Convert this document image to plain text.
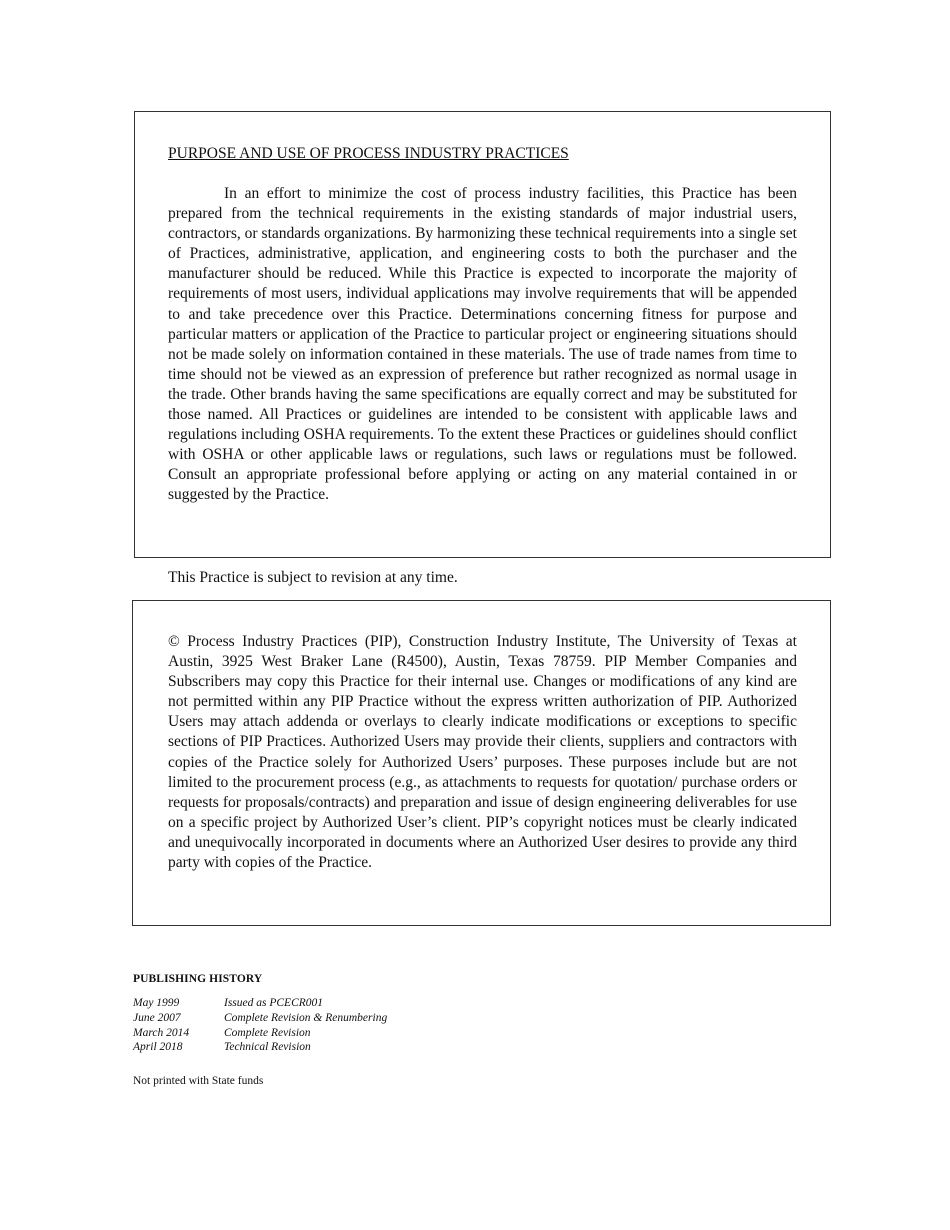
PURPOSE AND USE OF PROCESS INDUSTRY PRACTICES

In an effort to minimize the cost of process industry facilities, this Practice has been prepared from the technical requirements in the existing standards of major industrial users, contractors, or standards organizations. By harmonizing these technical requirements into a single set of Practices, administrative, application, and engineering costs to both the purchaser and the manufacturer should be reduced. While this Practice is expected to incorporate the majority of requirements of most users, individual applications may involve requirements that will be appended to and take precedence over this Practice. Determinations concerning fitness for purpose and particular matters or application of the Practice to particular project or engineering situations should not be made solely on information contained in these materials. The use of trade names from time to time should not be viewed as an expression of preference but rather recognized as normal usage in the trade. Other brands having the same specifications are equally correct and may be substituted for those named. All Practices or guidelines are intended to be consistent with applicable laws and regulations including OSHA requirements. To the extent these Practices or guidelines should conflict with OSHA or other applicable laws or regulations, such laws or regulations must be followed. Consult an appropriate professional before applying or acting on any material contained in or suggested by the Practice.

This Practice is subject to revision at any time.

© Process Industry Practices (PIP), Construction Industry Institute, The University of Texas at Austin, 3925 West Braker Lane (R4500), Austin, Texas 78759. PIP Member Companies and Subscribers may copy this Practice for their internal use. Changes or modifications of any kind are not permitted within any PIP Practice without the express written authorization of PIP. Authorized Users may attach addenda or overlays to clearly indicate modifications or exceptions to specific sections of PIP Practices. Authorized Users may provide their clients, suppliers and contractors with copies of the Practice solely for Authorized Users’ purposes. These purposes include but are not limited to the procurement process (e.g., as attachments to requests for quotation/ purchase orders or requests for proposals/contracts) and preparation and issue of design engineering deliverables for use on a specific project by Authorized User’s client. PIP’s copyright notices must be clearly indicated and unequivocally incorporated in documents where an Authorized User desires to provide any third party with copies of the Practice.

PUBLISHING HISTORY

May 1999	Issued as PCECR001
June 2007	Complete Revision & Renumbering
March 2014	Complete Revision
April 2018	Technical Revision

Not printed with State funds
